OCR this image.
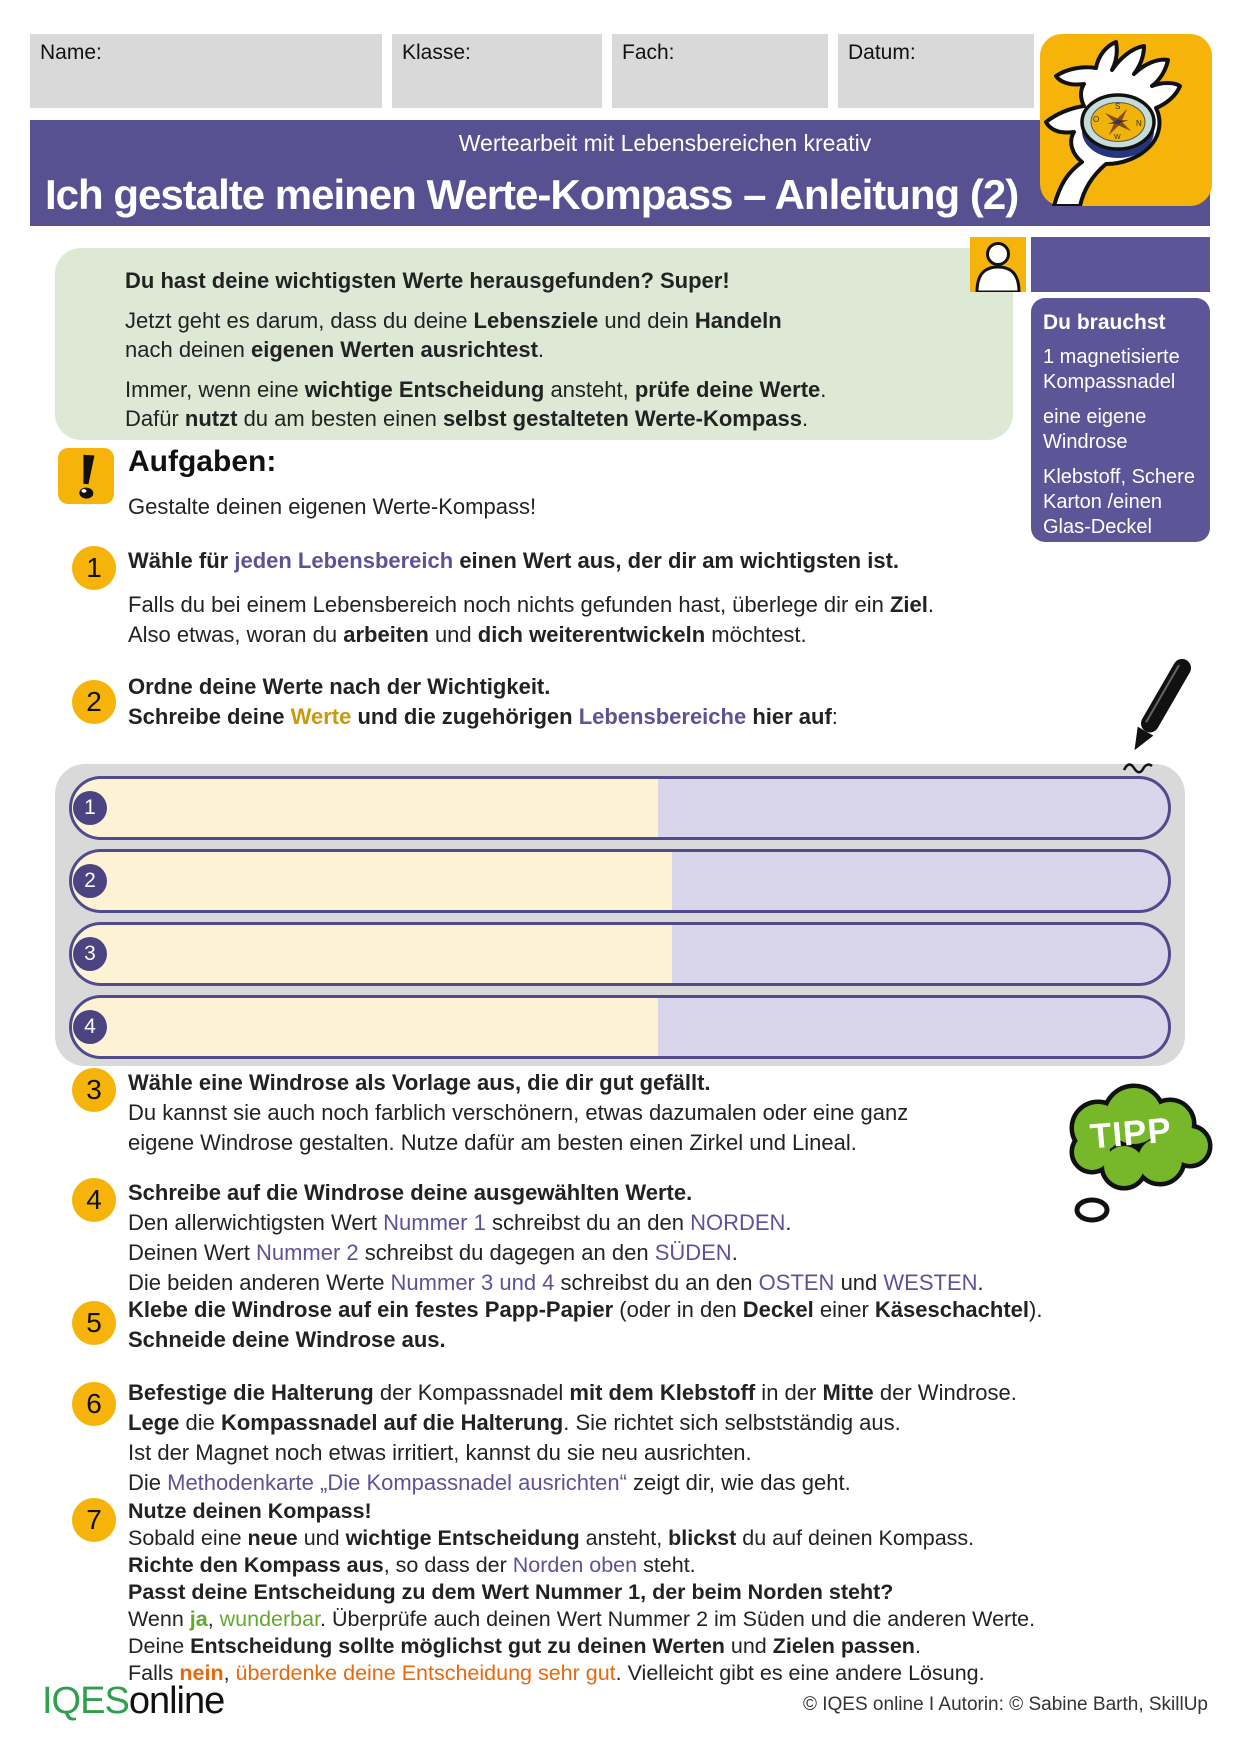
Name:	Klasse:	Fach:	Datum:
Wertearbeit mit Lebensbereichen kreativ
Ich gestalte meinen Werte-Kompass – Anleitung (2)
S
N
O
W

Du hast deine wichtigsten Werte herausgefunden? Super!

Jetzt geht es darum, dass du deine Lebensziele und dein Handeln
nach deinen eigenen Werten ausrichtest.

Immer, wenn eine wichtige Entscheidung ansteht, prüfe deine Werte.
Dafür nutzt du am besten einen selbst gestalteten Werte-Kompass.

Du brauchst

1 magnetisierte Kompassnadel

eine eigene Windrose

Klebstoff, Schere Karton /einen Glas-Deckel

Aufgaben:
Gestalte deinen eigenen Werte-Kompass!
1	Wähle für jeden Lebensbereich einen Wert aus, der dir am wichtigsten ist.

Falls du bei einem Lebensbereich noch nichts gefunden hast, überlege dir ein Ziel.

Also etwas, woran du arbeiten und dich weiterentwickeln möchtest.

2	Ordne deine Werte nach der Wichtigkeit.

Schreibe deine Werte und die zugehörigen Lebensbereiche hier auf:

1
2
3
4
3	Wähle eine Windrose als Vorlage aus, die dir gut gefällt.

Du kannst sie auch noch farblich verschönern, etwas dazumalen oder eine ganz

eigene Windrose gestalten. Nutze dafür am besten einen Zirkel und Lineal.	TIPP
4	Schreibe auf die Windrose deine ausgewählten Werte.

Den allerwichtigsten Wert Nummer 1 schreibst du an den NORDEN.

Deinen Wert Nummer 2 schreibst du dagegen an den SÜDEN.

Die beiden anderen Werte Nummer 3 und 4 schreibst du an den OSTEN und WESTEN.

5	Klebe die Windrose auf ein festes Papp-Papier (oder in den Deckel einer Käseschachtel).

Schneide deine Windrose aus.

6	Befestige die Halterung der Kompassnadel mit dem Klebstoff in der Mitte der Windrose.

Lege die Kompassnadel auf die Halterung. Sie richtet sich selbstständig aus.

Ist der Magnet noch etwas irritiert, kannst du sie neu ausrichten.

Die Methodenkarte „Die Kompassnadel ausrichten“ zeigt dir, wie das geht.

7	Nutze deinen Kompass!

Sobald eine neue und wichtige Entscheidung ansteht, blickst du auf deinen Kompass.

Richte den Kompass aus, so dass der Norden oben steht.

Passt deine Entscheidung zu dem Wert Nummer 1, der beim Norden steht?

Wenn ja, wunderbar. Überprüfe auch deinen Wert Nummer 2 im Süden und die anderen Werte.

Deine Entscheidung sollte möglichst gut zu deinen Werten und Zielen passen.

Falls nein, überdenke deine Entscheidung sehr gut. Vielleicht gibt es eine andere Lösung.

IQESonline	© IQES online I Autorin: © Sabine Barth, SkillUp
